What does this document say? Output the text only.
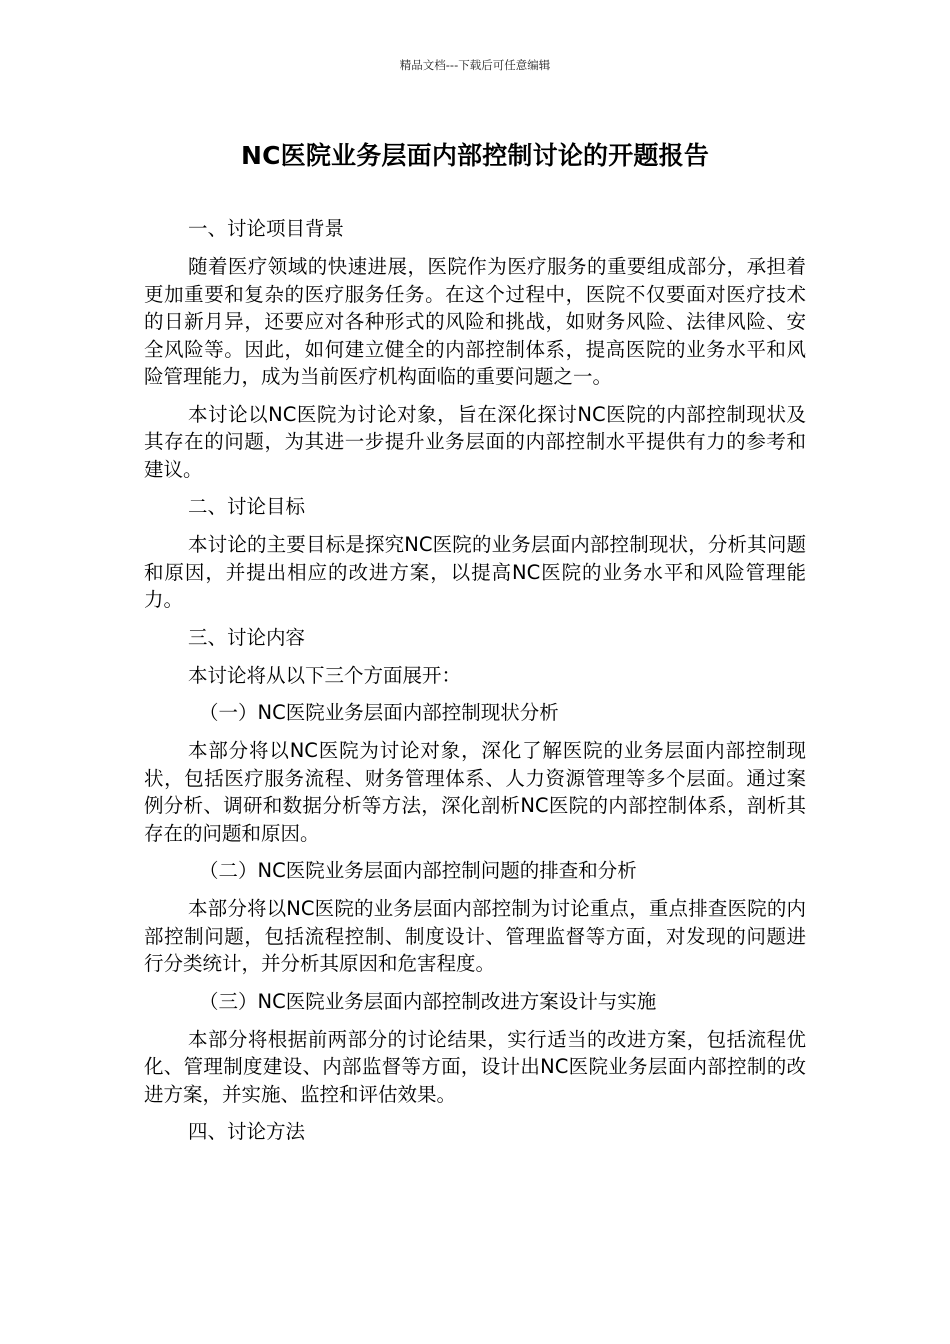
精品文档---下载后可任意编辑
NC医院业务层面内部控制讨论的开题报告
一、讨论项目背景

随着医疗领域的快速进展，医院作为医疗服务的重要组成部分，承担着更加重要和复杂的医疗服务任务。在这个过程中，医院不仅要面对医疗技术的日新月异，还要应对各种形式的风险和挑战，如财务风险、法律风险、安全风险等。因此，如何建立健全的内部控制体系，提高医院的业务水平和风险管理能力，成为当前医疗机构面临的重要问题之一。

本讨论以NC医院为讨论对象，旨在深化探讨NC医院的内部控制现状及其存在的问题，为其进一步提升业务层面的内部控制水平提供有力的参考和建议。

二、讨论目标

本讨论的主要目标是探究NC医院的业务层面内部控制现状，分析其问题和原因，并提出相应的改进方案，以提高NC医院的业务水平和风险管理能力。

三、讨论内容

本讨论将从以下三个方面展开：

（一）NC医院业务层面内部控制现状分析

本部分将以NC医院为讨论对象，深化了解医院的业务层面内部控制现状，包括医疗服务流程、财务管理体系、人力资源管理等多个层面。通过案例分析、调研和数据分析等方法，深化剖析NC医院的内部控制体系，剖析其存在的问题和原因。

（二）NC医院业务层面内部控制问题的排查和分析

本部分将以NC医院的业务层面内部控制为讨论重点，重点排查医院的内部控制问题，包括流程控制、制度设计、管理监督等方面，对发现的问题进行分类统计，并分析其原因和危害程度。

（三）NC医院业务层面内部控制改进方案设计与实施

本部分将根据前两部分的讨论结果，实行适当的改进方案，包括流程优化、管理制度建设、内部监督等方面，设计出NC医院业务层面内部控制的改进方案，并实施、监控和评估效果。

四、讨论方法
